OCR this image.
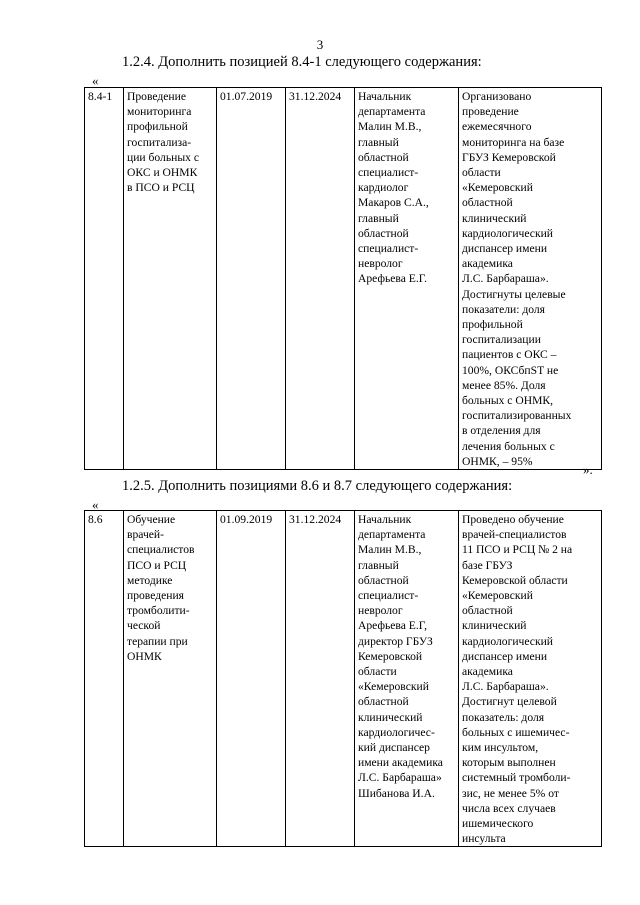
3
1.2.4. Дополнить позицией 8.4-1 следующего содержания:
«
8.4-1	Проведение
мониторинга
профильной
госпитализа-
ции больных с
ОКС и ОНМК
в ПСО и РСЦ	01.07.2019	31.12.2024	Начальник
департамента
Малин М.В.,
главный
областной
специалист-
кардиолог
Макаров С.А.,
главный
областной
специалист-
невролог
Арефьева Е.Г.	Организовано
проведение
ежемесячного
мониторинга на базе
ГБУЗ Кемеровской
области
«Кемеровский
областной
клинический
кардиологический
диспансер имени
академика
Л.С. Барбараша».
Достигнуты целевые
показатели: доля
профильной
госпитализации
пациентов с ОКС –
100%, ОКСбпST не
менее 85%. Доля
больных с ОНМК,
госпитализированных
в отделения для
лечения больных с
ОНМК, – 95%
».
1.2.5. Дополнить позициями 8.6 и 8.7 следующего содержания:
«
8.6	Обучение
врачей-
специалистов
ПСО и РСЦ
методике
проведения
тромболити-
ческой
терапии при
ОНМК	01.09.2019	31.12.2024	Начальник
департамента
Малин М.В.,
главный
областной
специалист-
невролог
Арефьева Е.Г,
директор ГБУЗ
Кемеровской
области
«Кемеровский
областной
клинический
кардиологичес-
кий диспансер
имени академика
Л.С. Барбараша»
Шибанова И.А.	Проведено обучение
врачей-специалистов
11 ПСО и РСЦ № 2 на
базе ГБУЗ
Кемеровской области
«Кемеровский
областной
клинический
кардиологический
диспансер имени
академика
Л.С. Барбараша».
Достигнут целевой
показатель: доля
больных с ишемичес-
ким инсультом,
которым выполнен
системный тромболи-
зис, не менее 5% от
числа всех случаев
ишемического
инсульта
